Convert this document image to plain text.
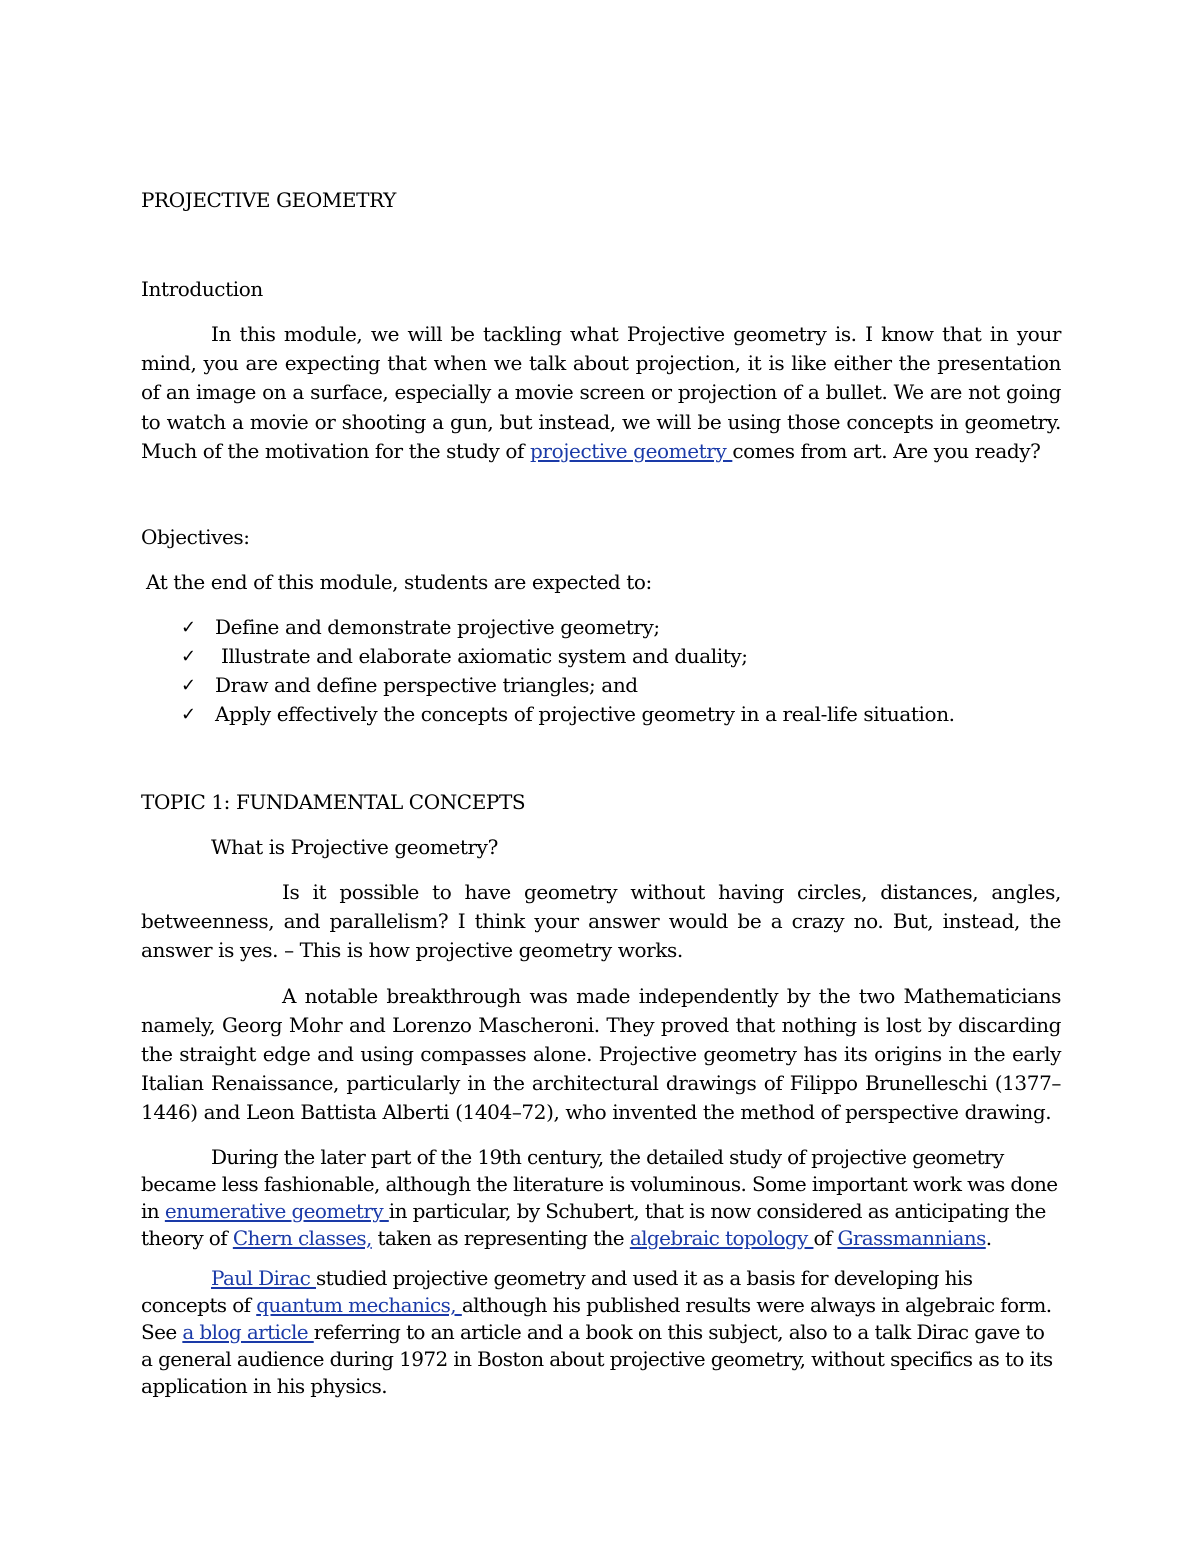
PROJECTIVE GEOMETRY

Introduction

In this module, we will be tackling what Projective geometry is. I know that in your mind, you are expecting that when we talk about projection, it is like either the presentation of an image on a surface, especially a movie screen or projection of a bullet. We are not going to watch a movie or shooting a gun, but instead, we will be using those concepts in geometry. Much of the motivation for the study of projective geometry comes from art. Are you ready?

Objectives:

At the end of this module, students are expected to:

✓ Define and demonstrate projective geometry;
✓ Illustrate and elaborate axiomatic system and duality;
✓ Draw and define perspective triangles; and
✓ Apply effectively the concepts of projective geometry in a real-life situation.

TOPIC 1: FUNDAMENTAL CONCEPTS

What is Projective geometry?

Is it possible to have geometry without having circles, distances, angles, betweenness, and parallelism? I think your answer would be a crazy no. But, instead, the answer is yes. – This is how projective geometry works.

A notable breakthrough was made independently by the two Mathematicians namely, Georg Mohr and Lorenzo Mascheroni. They proved that nothing is lost by discarding the straight edge and using compasses alone. Projective geometry has its origins in the early Italian Renaissance, particularly in the architectural drawings of Filippo Brunelleschi (1377–1446) and Leon Battista Alberti (1404–72), who invented the method of perspective drawing.

During the later part of the 19th century, the detailed study of projective geometry became less fashionable, although the literature is voluminous. Some important work was done in enumerative geometry in particular, by Schubert, that is now considered as anticipating the theory of Chern classes, taken as representing the algebraic topology of Grassmannians.

Paul Dirac studied projective geometry and used it as a basis for developing his concepts of quantum mechanics, although his published results were always in algebraic form. See a blog article referring to an article and a book on this subject, also to a talk Dirac gave to a general audience during 1972 in Boston about projective geometry, without specifics as to its application in his physics.
